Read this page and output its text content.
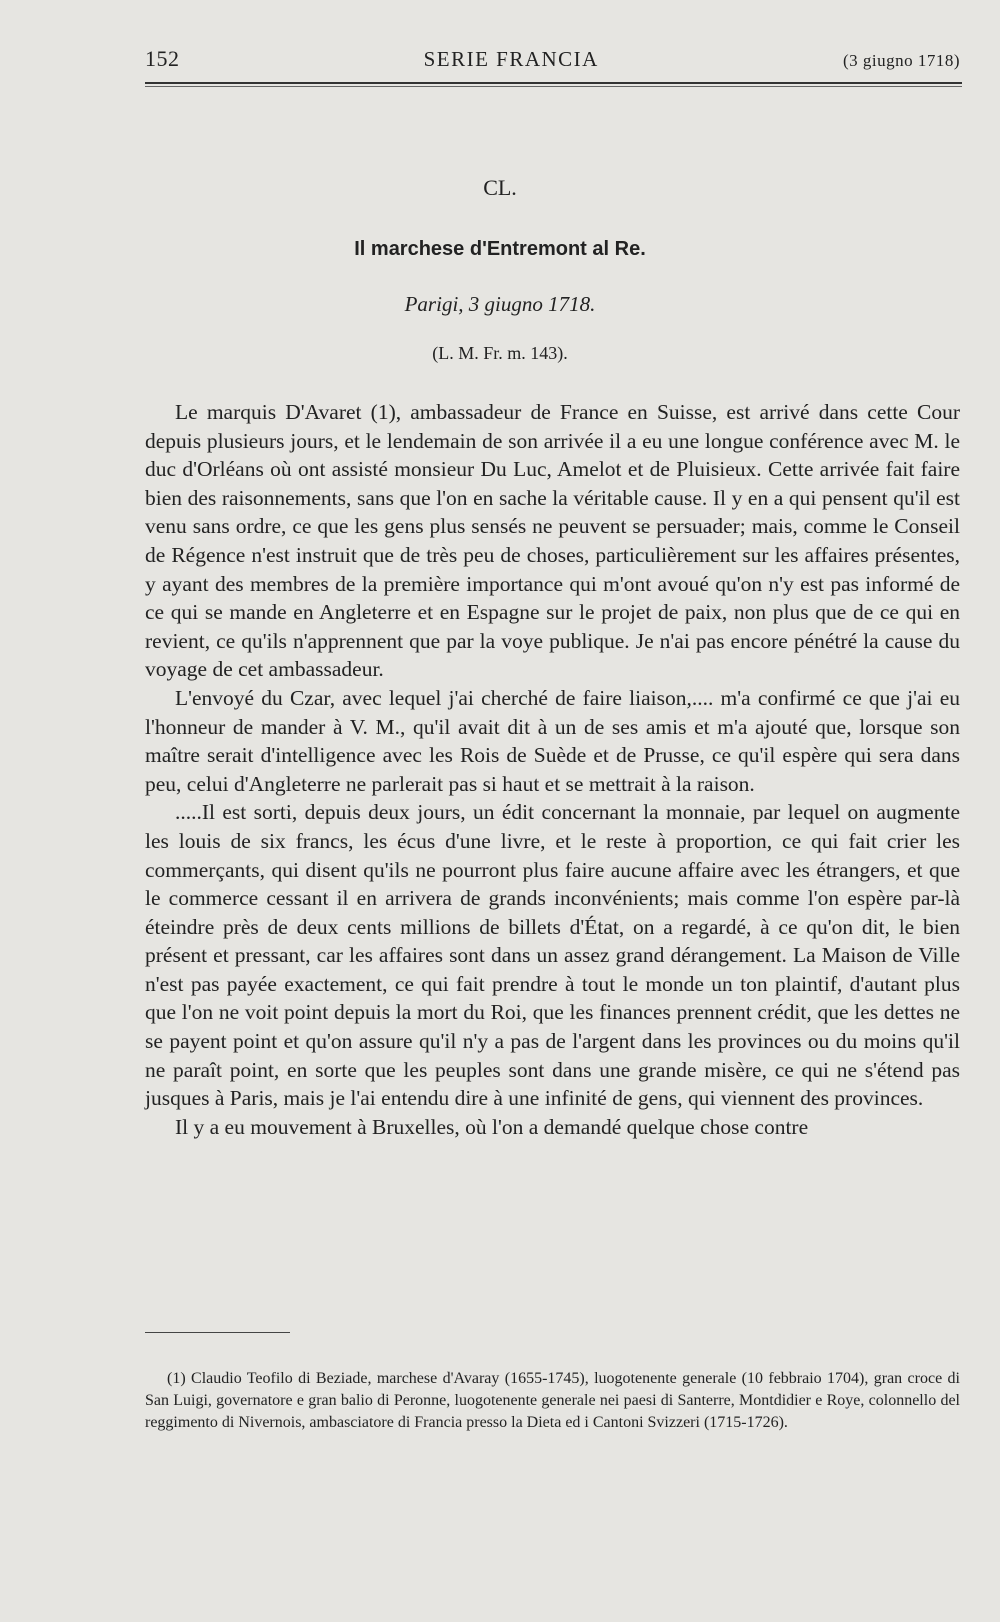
152	SERIE FRANCIA	(3 giugno 1718)
CL.
Il marchese d'Entremont al Re.
Parigi, 3 giugno 1718.
(L. M. Fr. m. 143).

Le marquis D'Avaret (1), ambassadeur de France en Suisse, est arrivé dans cette Cour depuis plusieurs jours, et le lendemain de son arrivée il a eu une longue conférence avec M. le duc d'Orléans où ont assisté monsieur Du Luc, Amelot et de Pluisieux. Cette arrivée fait faire bien des raisonnements, sans que l'on en sache la véritable cause. Il y en a qui pensent qu'il est venu sans ordre, ce que les gens plus sensés ne peuvent se persuader; mais, comme le Conseil de Régence n'est instruit que de très peu de choses, particulièrement sur les affaires présentes, y ayant des membres de la première importance qui m'ont avoué qu'on n'y est pas informé de ce qui se mande en Angleterre et en Espagne sur le projet de paix, non plus que de ce qui en revient, ce qu'ils n'apprennent que par la voye publique. Je n'ai pas encore pénétré la cause du voyage de cet ambassadeur.

L'envoyé du Czar, avec lequel j'ai cherché de faire liaison,.... m'a confirmé ce que j'ai eu l'honneur de mander à V. M., qu'il avait dit à un de ses amis et m'a ajouté que, lorsque son maître serait d'intelligence avec les Rois de Suède et de Prusse, ce qu'il espère qui sera dans peu, celui d'Angleterre ne parlerait pas si haut et se mettrait à la raison.

.....Il est sorti, depuis deux jours, un édit concernant la monnaie, par lequel on augmente les louis de six francs, les écus d'une livre, et le reste à proportion, ce qui fait crier les commerçants, qui disent qu'ils ne pourront plus faire aucune affaire avec les étrangers, et que le commerce cessant il en arrivera de grands inconvénients; mais comme l'on espère par-là éteindre près de deux cents millions de billets d'État, on a regardé, à ce qu'on dit, le bien présent et pressant, car les affaires sont dans un assez grand dérangement. La Maison de Ville n'est pas payée exactement, ce qui fait prendre à tout le monde un ton plaintif, d'autant plus que l'on ne voit point depuis la mort du Roi, que les finances prennent crédit, que les dettes ne se payent point et qu'on assure qu'il n'y a pas de l'argent dans les provinces ou du moins qu'il ne paraît point, en sorte que les peuples sont dans une grande misère, ce qui ne s'étend pas jusques à Paris, mais je l'ai entendu dire à une infinité de gens, qui viennent des provinces.

Il y a eu mouvement à Bruxelles, où l'on a demandé quelque chose contre

(1) Claudio Teofilo di Beziade, marchese d'Avaray (1655-1745), luogotenente generale (10 febbraio 1704), gran croce di San Luigi, governatore e gran balio di Peronne, luogotenente generale nei paesi di Santerre, Montdidier e Roye, colonnello del reggimento di Nivernois, ambasciatore di Francia presso la Dieta ed i Cantoni Svizzeri (1715-1726).
